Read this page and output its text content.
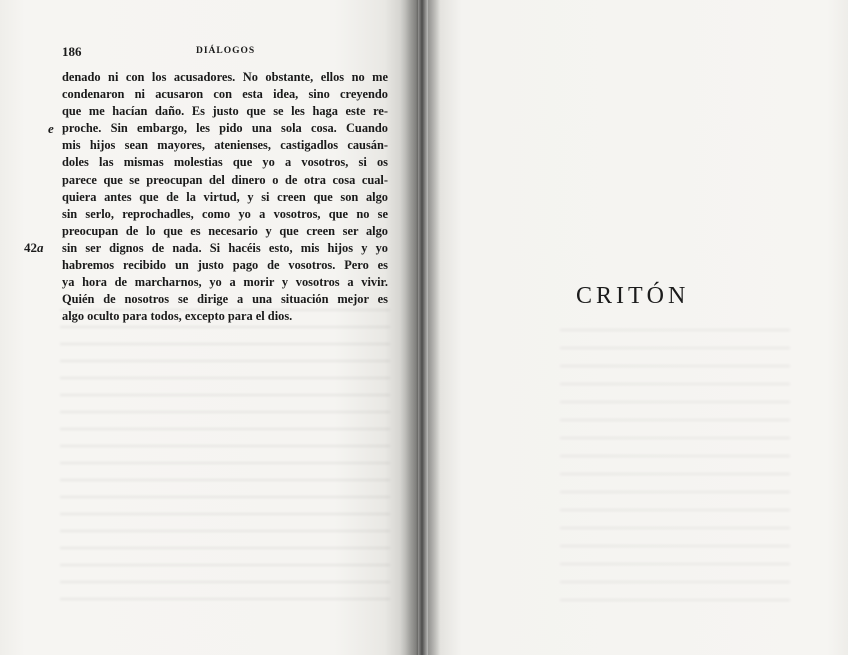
186	DIÁLOGOS
e
42a
denado ni con los acusadores. No obstante, ellos no me
condenaron ni acusaron con esta idea, sino creyendo
que me hacían daño. Es justo que se les haga este re-
proche. Sin embargo, les pido una sola cosa. Cuando
mis hijos sean mayores, atenienses, castigadlos causán-
doles las mismas molestias que yo a vosotros, si os
parece que se preocupan del dinero o de otra cosa cual-
quiera antes que de la virtud, y si creen que son algo
sin serlo, reprochadles, como yo a vosotros, que no se
preocupan de lo que es necesario y que creen ser algo
sin ser dignos de nada. Si hacéis esto, mis hijos y yo
habremos recibido un justo pago de vosotros. Pero es
ya hora de marcharnos, yo a morir y vosotros a vivir.
Quién de nosotros se dirige a una situación mejor es
algo oculto para todos, excepto para el dios.
CRITÓN
